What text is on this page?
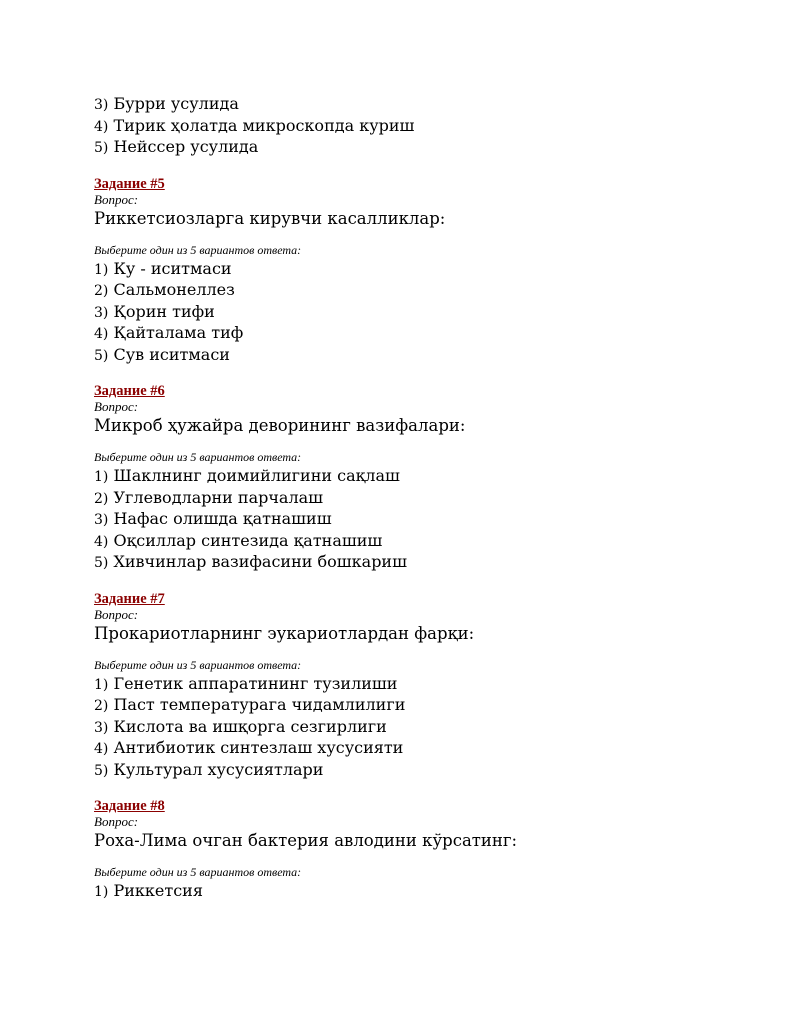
3) Бурри усулида
4) Тирик ҳолатда микроскопда куриш
5) Нейссер усулида
Задание #5
Вопрос:
Риккетсиозларга кирувчи касалликлар:
Выберите один из 5 вариантов ответа:
1) Ку - иситмаси
2) Сальмонеллез
3) Қорин тифи
4) Қайталама тиф
5) Сув иситмаси
Задание #6
Вопрос:
Микроб ҳужайра деворининг вазифалари:
Выберите один из 5 вариантов ответа:
1) Шаклнинг доимийлигини сақлаш
2) Углеводларни парчалаш
3) Нафас олишда қатнашиш
4) Оқсиллар синтезида қатнашиш
5) Хивчинлар вазифасини бошкариш
Задание #7
Вопрос:
Прокариотларнинг эукариотлардан фарқи:
Выберите один из 5 вариантов ответа:
1) Генетик аппаратининг тузилиши
2) Паст температурага чидамлилиги
3) Кислота ва ишқорга сезгирлиги
4) Антибиотик синтезлаш хусусияти
5) Культурал хусусиятлари
Задание #8
Вопрос:
Роха-Лима очган бактерия авлодини кўрсатинг:
Выберите один из 5 вариантов ответа:
1) Риккетсия
